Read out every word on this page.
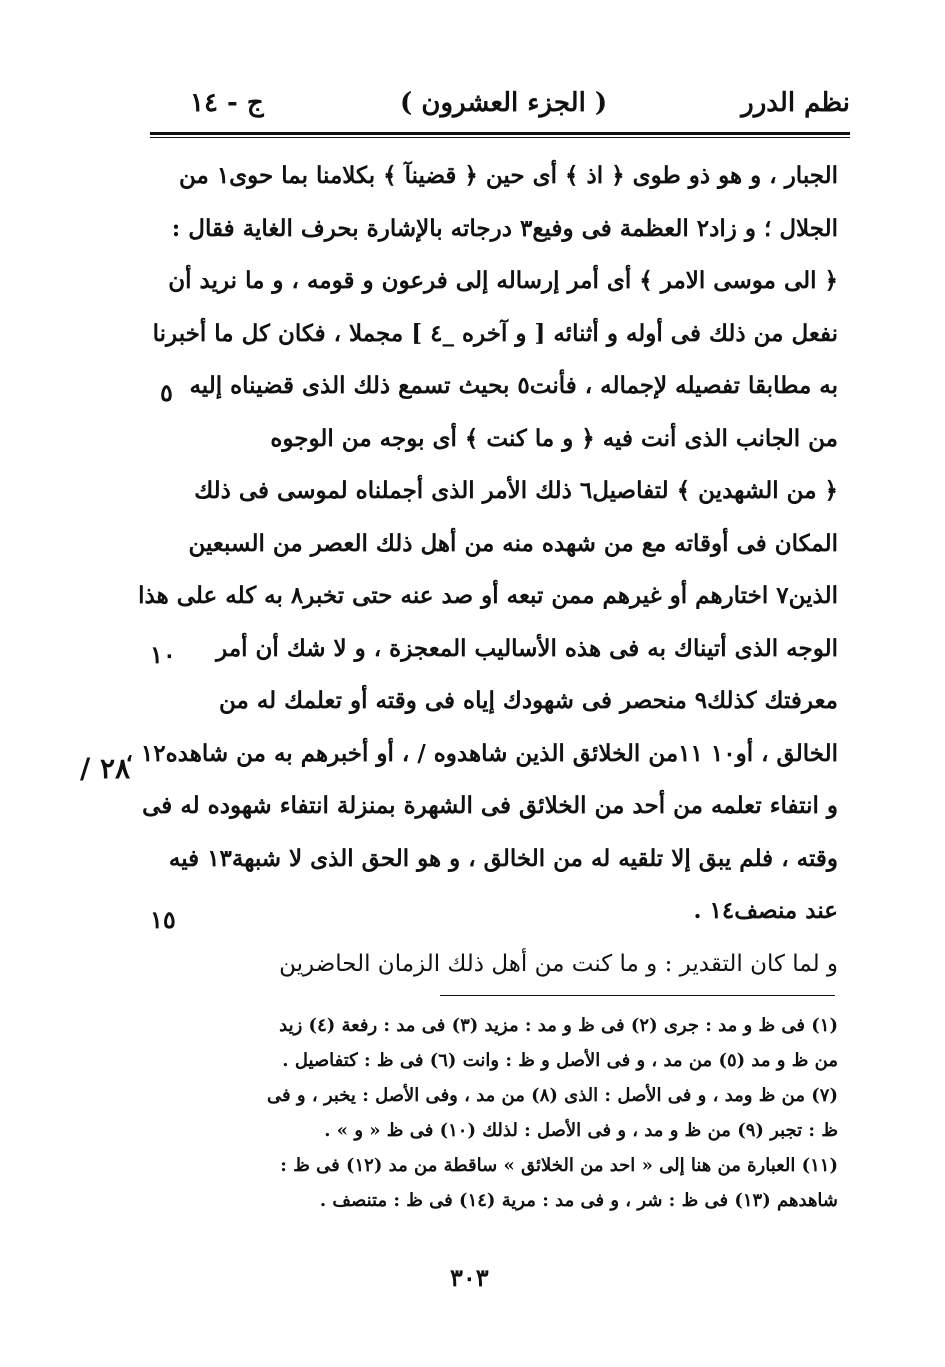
نظم الدرر
( الجزء العشرون )
ج - ١٤
الجبار ، و هو ذو طوى ﴿ اذ ﴾ أى حين ﴿ قضينآ ﴾ بكلامنا بما حوى١ من
الجلال ؛ و زاد٢ العظمة فى وفيع٣ درجاته بالإشارة بحرف الغاية فقال :
﴿ الى موسى الامر ﴾ أى أمر إرساله إلى فرعون و قومه ، و ما نريد أن
نفعل من ذلك فى أوله و أثنائه [ و آخره _٤ ] مجملا ، فكان كل ما أخبرنا
به مطابقا تفصيله لإجماله ، فأنت٥ بحيث تسمع ذلك الذى قضيناه إليه
من الجانب الذى أنت فيه ﴿ و ما كنت ﴾ أى بوجه من الوجوه
﴿ من الشهدين ﴾ لتفاصيل٦ ذلك الأمر الذى أجملناه لموسى فى ذلك
المكان فى أوقاته مع من شهده منه من أهل ذلك العصر من السبعين
الذين٧ اختارهم أو غيرهم ممن تبعه أو صد عنه حتى تخبر٨ به كله على هذا
الوجه الذى أتيناك به فى هذه الأساليب المعجزة ، و لا شك أن أمر
معرفتك كذلك٩ منحصر فى شهودك إياه فى وقته أو تعلمك له من
الخالق ، أو١٠ ١١من الخلائق الذين شاهدوه / ، أو أخبرهم به من شاهده١٢ ،
و انتفاء تعلمه من أحد من الخلائق فى الشهرة بمنزلة انتفاء شهوده له فى
وقته ، فلم يبق إلا تلقيه له من الخالق ، و هو الحق الذى لا شبهة١٣ فيه
عند منصف١٤ .
و لما كان التقدير : و ما كنت من أهل ذلك الزمان الحاضرين
٥
١٠
١٥
٢٨ /
(١) فى ظ و مد : جرى (٢) فى ظ و مد : مزيد (٣) فى مد : رفعة (٤) زيد
من ظ و مد (٥) من مد ، و فى الأصل و ظ : وانت (٦) فى ظ : كتفاصيل .
(٧) من ظ ومد ، و فى الأصل : الذى (٨) من مد ، وفى الأصل : يخبر ، و فى
ظ : تجبر (٩) من ظ و مد ، و فى الأصل : لذلك (١٠) فى ظ « و » .
(١١) العبارة من هنا إلى « احد من الخلائق » ساقطة من مد (١٢) فى ظ :
شاهدهم (١٣) فى ظ : شر ، و فى مد : مرية (١٤) فى ظ : متنصف .
٣٠٣
